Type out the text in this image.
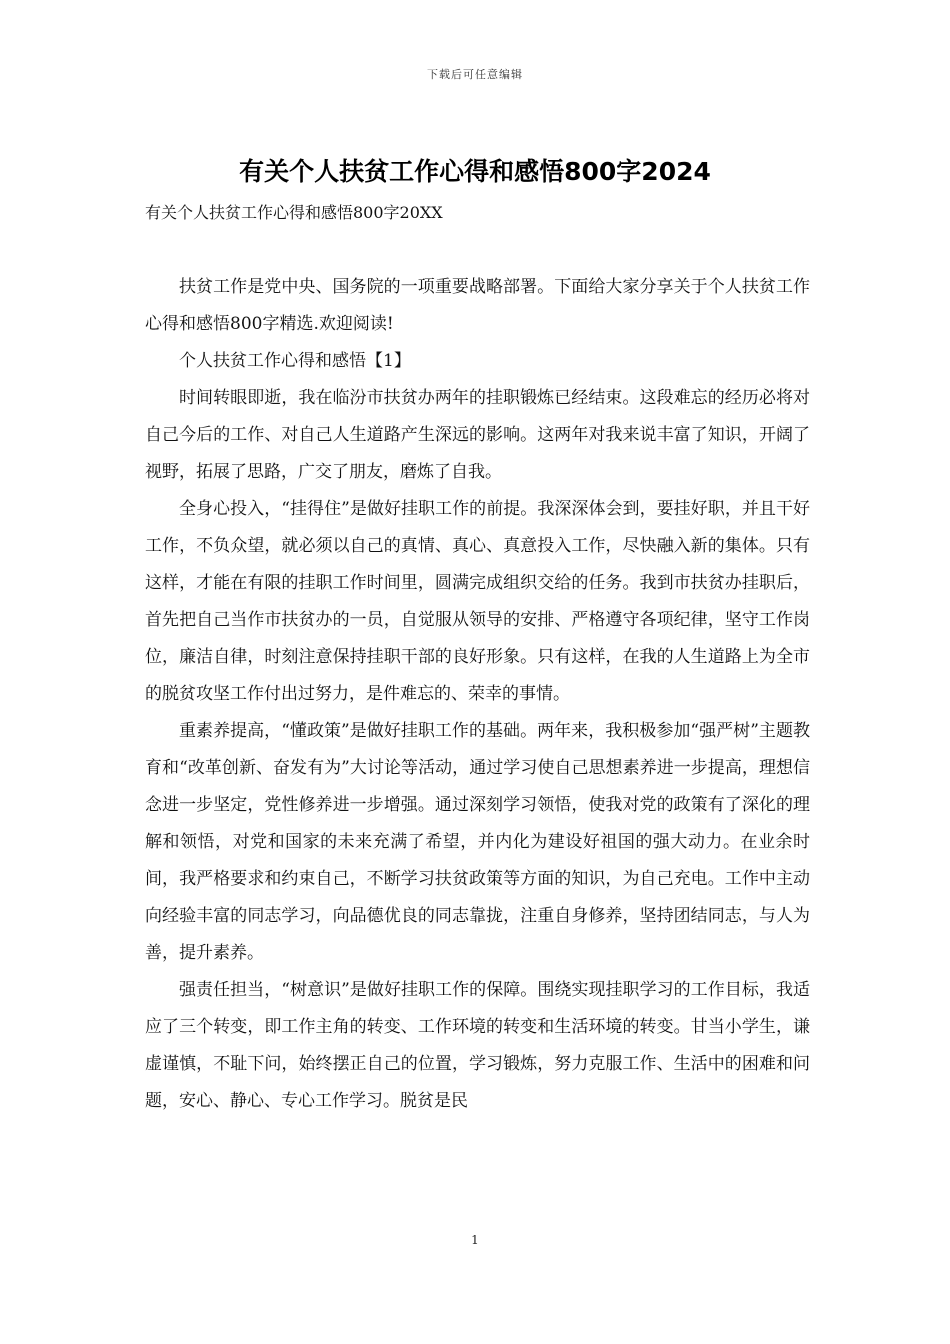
下载后可任意编辑
有关个人扶贫工作心得和感悟800字2024
有关个人扶贫工作心得和感悟800字20XX

扶贫工作是党中央、国务院的一项重要战略部署。下面给大家分享关于个人扶贫工作心得和感悟800字精选.欢迎阅读!

个人扶贫工作心得和感悟【1】

时间转眼即逝，我在临汾市扶贫办两年的挂职锻炼已经结束。这段难忘的经历必将对自己今后的工作、对自己人生道路产生深远的影响。这两年对我来说丰富了知识，开阔了视野，拓展了思路，广交了朋友，磨炼了自我。

全身心投入，“挂得住”是做好挂职工作的前提。我深深体会到，要挂好职，并且干好工作，不负众望，就必须以自己的真情、真心、真意投入工作，尽快融入新的集体。只有这样，才能在有限的挂职工作时间里，圆满完成组织交给的任务。我到市扶贫办挂职后，首先把自己当作市扶贫办的一员，自觉服从领导的安排、严格遵守各项纪律，坚守工作岗位，廉洁自律，时刻注意保持挂职干部的良好形象。只有这样，在我的人生道路上为全市的脱贫攻坚工作付出过努力，是件难忘的、荣幸的事情。

重素养提高，“懂政策”是做好挂职工作的基础。两年来，我积极参加“强严树”主题教育和“改革创新、奋发有为”大讨论等活动，通过学习使自己思想素养进一步提高，理想信念进一步坚定，党性修养进一步增强。通过深刻学习领悟，使我对党的政策有了深化的理解和领悟，对党和国家的未来充满了希望，并内化为建设好祖国的强大动力。在业余时间，我严格要求和约束自己，不断学习扶贫政策等方面的知识，为自己充电。工作中主动向经验丰富的同志学习，向品德优良的同志靠拢，注重自身修养，坚持团结同志，与人为善，提升素养。

强责任担当，“树意识”是做好挂职工作的保障。围绕实现挂职学习的工作目标，我适应了三个转变，即工作主角的转变、工作环境的转变和生活环境的转变。甘当小学生，谦虚谨慎，不耻下问，始终摆正自己的位置，学习锻炼，努力克服工作、生活中的困难和问题，安心、静心、专心工作学习。脱贫是民

1
